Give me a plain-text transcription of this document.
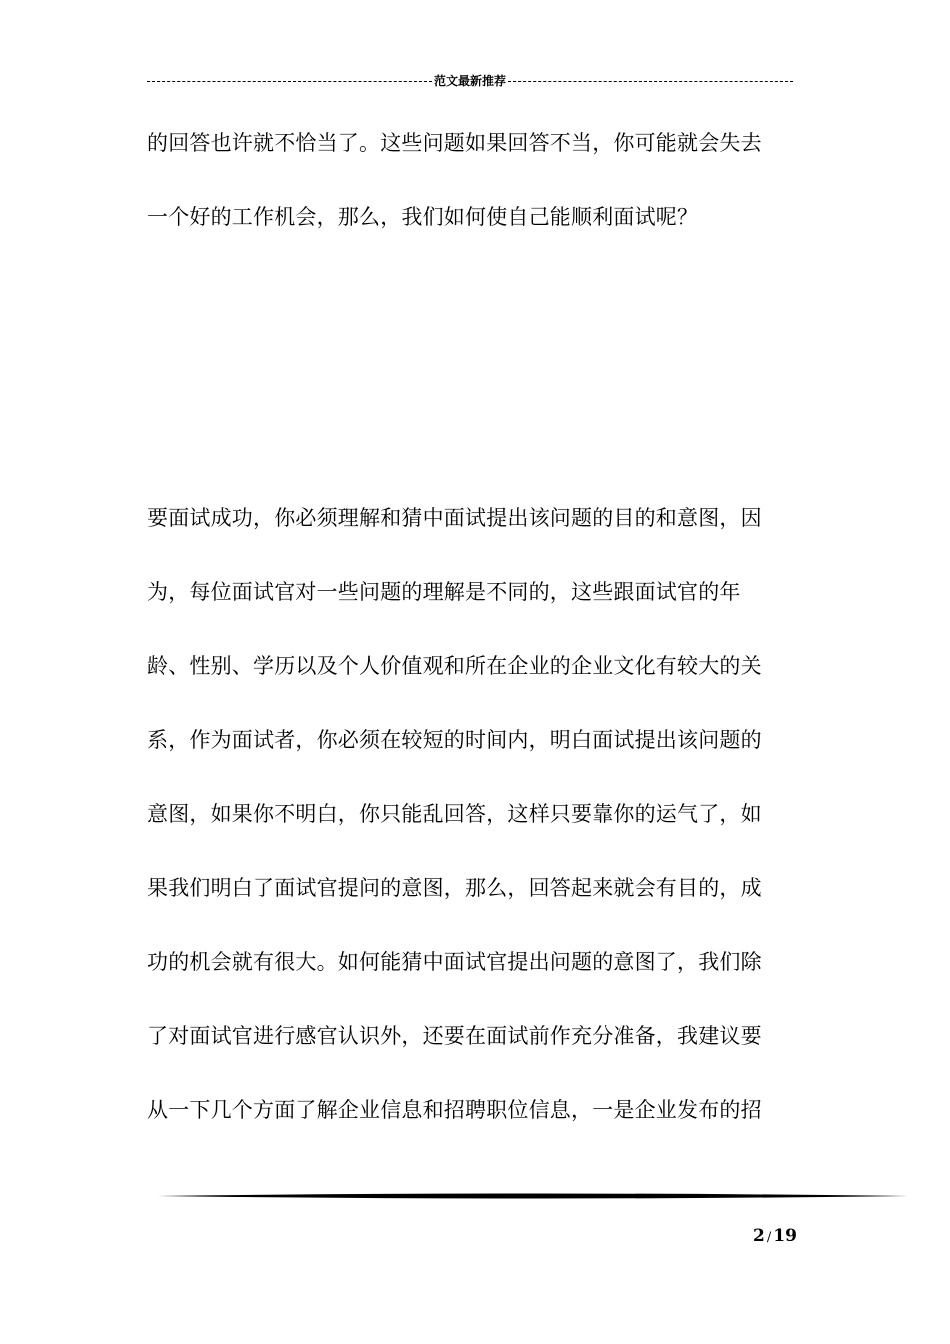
范文最新推荐

的回答也许就不恰当了。这些问题如果回答不当，你可能就会失去
一个好的工作机会，那么，我们如何使自己能顺利面试呢？

要面试成功，你必须理解和猜中面试提出该问题的目的和意图，因
为，每位面试官对一些问题的理解是不同的，这些跟面试官的年
龄、性别、学历以及个人价值观和所在企业的企业文化有较大的关
系，作为面试者，你必须在较短的时间内，明白面试提出该问题的
意图，如果你不明白，你只能乱回答，这样只要靠你的运气了，如
果我们明白了面试官提问的意图，那么，回答起来就会有目的，成
功的机会就有很大。如何能猜中面试官提出问题的意图了，我们除
了对面试官进行感官认识外，还要在面试前作充分准备，我建议要
从一下几个方面了解企业信息和招聘职位信息，一是企业发布的招

2 / 19
